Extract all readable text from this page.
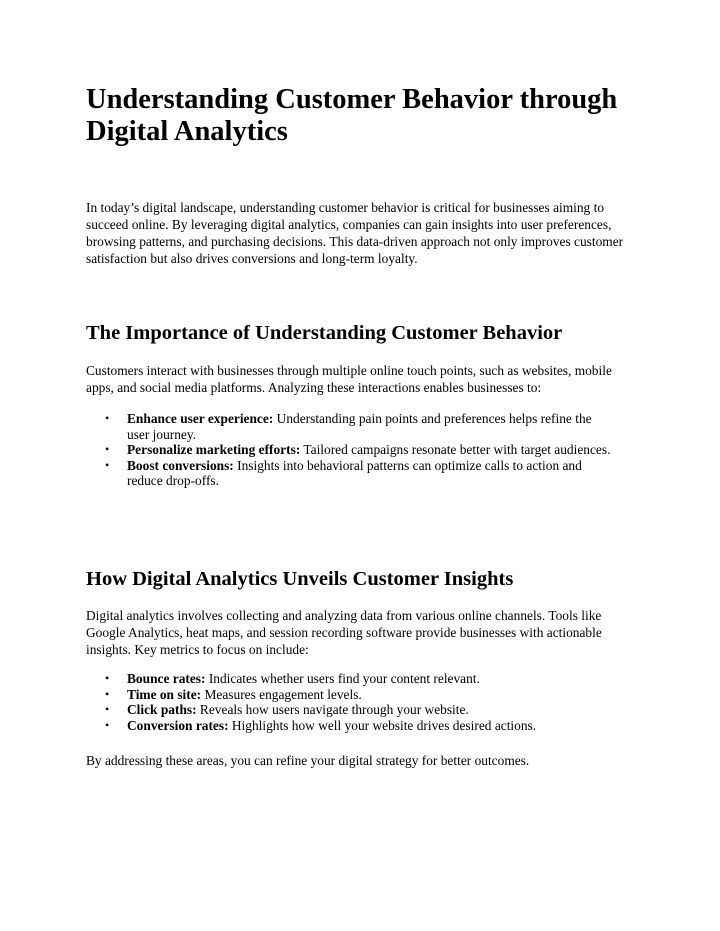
Understanding Customer Behavior through Digital Analytics

In today’s digital landscape, understanding customer behavior is critical for businesses aiming to succeed online. By leveraging digital analytics, companies can gain insights into user preferences, browsing patterns, and purchasing decisions. This data-driven approach not only improves customer satisfaction but also drives conversions and long-term loyalty.

The Importance of Understanding Customer Behavior

Customers interact with businesses through multiple online touch points, such as websites, mobile apps, and social media platforms. Analyzing these interactions enables businesses to:

• Enhance user experience: Understanding pain points and preferences helps refine the user journey.
• Personalize marketing efforts: Tailored campaigns resonate better with target audiences.
• Boost conversions: Insights into behavioral patterns can optimize calls to action and reduce drop-offs.
How Digital Analytics Unveils Customer Insights

Digital analytics involves collecting and analyzing data from various online channels. Tools like Google Analytics, heat maps, and session recording software provide businesses with actionable insights. Key metrics to focus on include:

• Bounce rates: Indicates whether users find your content relevant.
• Time on site: Measures engagement levels.
• Click paths: Reveals how users navigate through your website.
• Conversion rates: Highlights how well your website drives desired actions.

By addressing these areas, you can refine your digital strategy for better outcomes.
